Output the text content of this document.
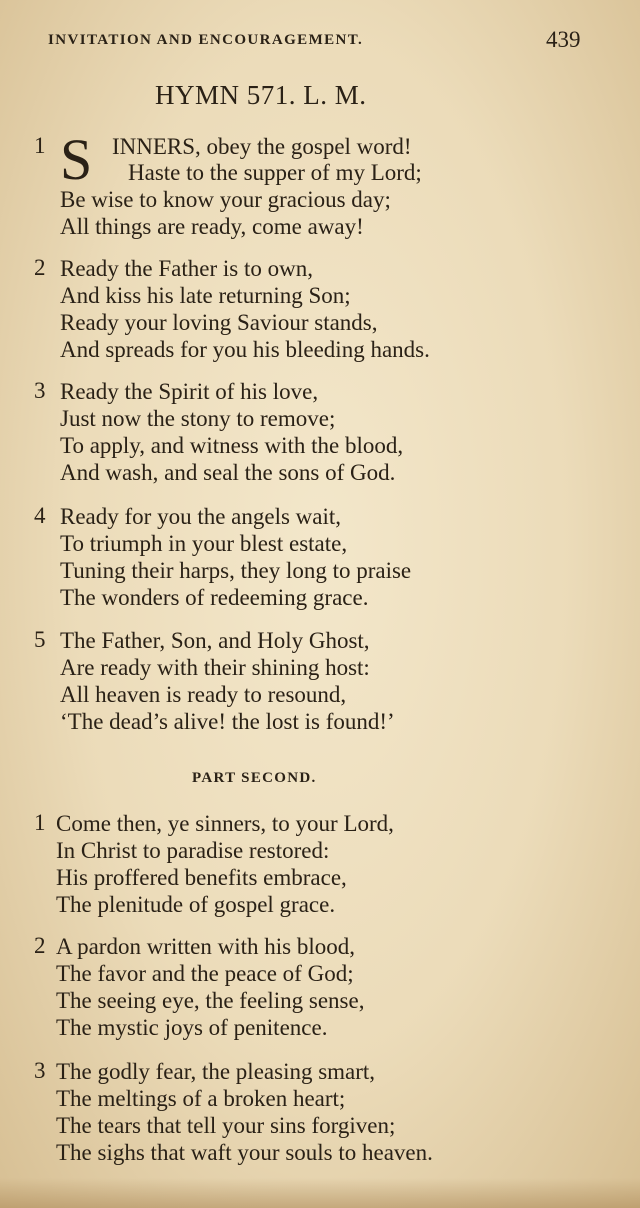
INVITATION AND ENCOURAGEMENT.	439
HYMN 571. L. M.
1 S INNERS, obey the gospel word!
Haste to the supper of my Lord;
Be wise to know your gracious day;
All things are ready, come away!
2 Ready the Father is to own,
And kiss his late returning Son;
Ready your loving Saviour stands,
And spreads for you his bleeding hands.
3 Ready the Spirit of his love,
Just now the stony to remove;
To apply, and witness with the blood,
And wash, and seal the sons of God.
4 Ready for you the angels wait,
To triumph in your blest estate,
Tuning their harps, they long to praise
The wonders of redeeming grace.
5 The Father, Son, and Holy Ghost,
Are ready with their shining host:
All heaven is ready to resound,
‘The dead’s alive! the lost is found!’
PART SECOND.
1 Come then, ye sinners, to your Lord,
In Christ to paradise restored:
His proffered benefits embrace,
The plenitude of gospel grace.
2 A pardon written with his blood,
The favor and the peace of God;
The seeing eye, the feeling sense,
The mystic joys of penitence.
3 The godly fear, the pleasing smart,
The meltings of a broken heart;
The tears that tell your sins forgiven;
The sighs that waft your souls to heaven.
